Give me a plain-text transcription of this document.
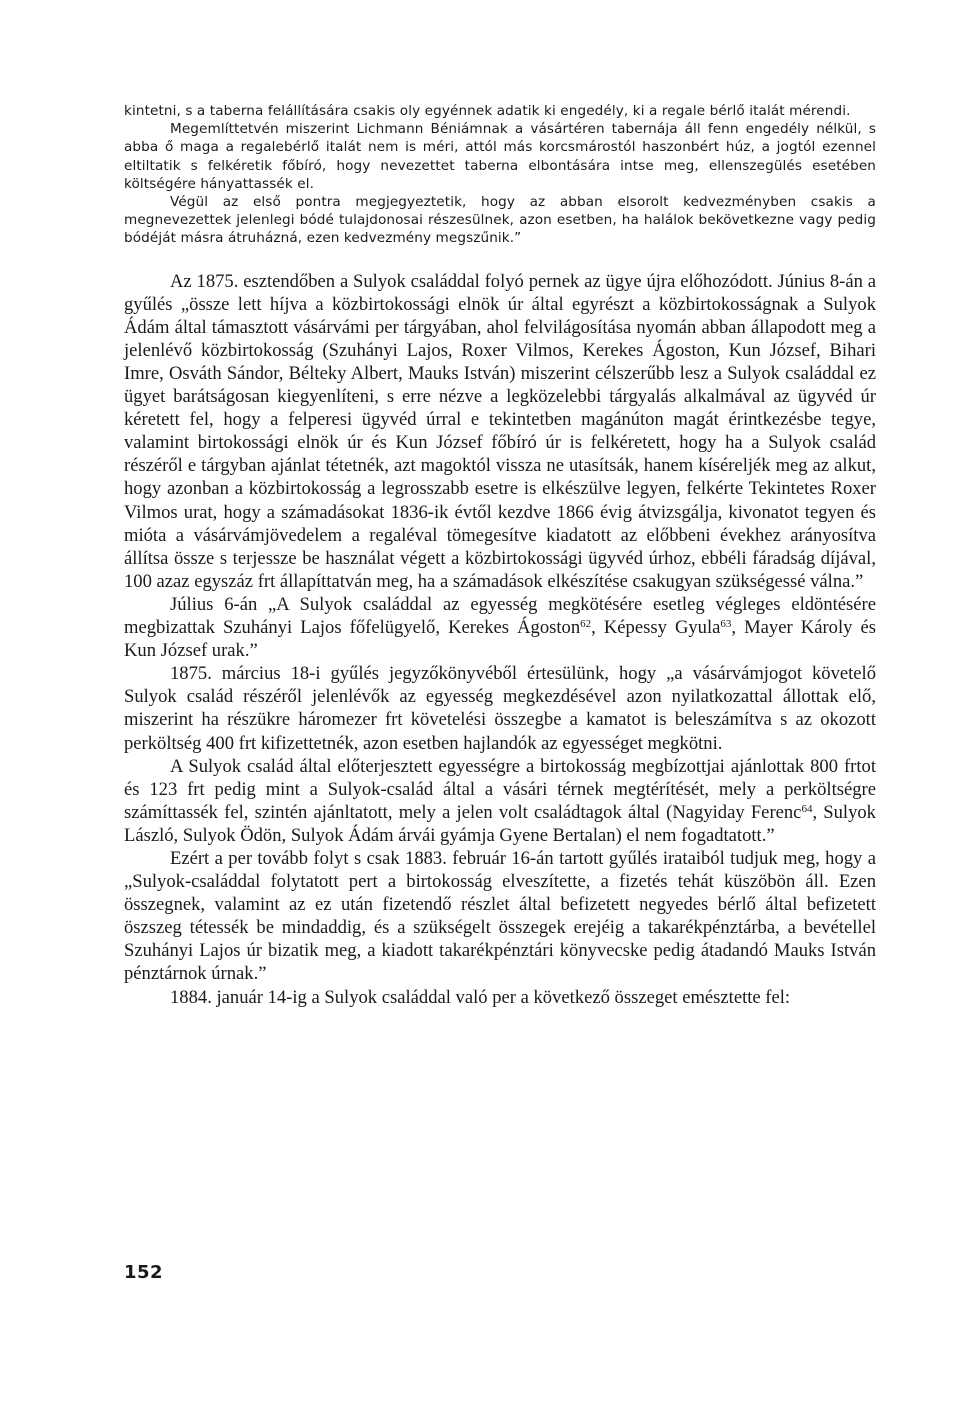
kintetni, s a taberna felállítására csakis oly egyénnek adatik ki engedély, ki a regale bérlő italát mérendi.

Megemlíttetvén miszerint Lichmann Béniámnak a vásártéren tabernája áll fenn engedély nélkül, s abba ő maga a regalebérlő italát nem is méri, attól más korcsmárostól haszonbért húz, a jogtól ezennel eltiltatik s felkéretik főbíró, hogy nevezettet taberna elbontására intse meg, ellenszegülés esetében költségére hányattassék el.

Végül az első pontra megjegyeztetik, hogy az abban elsorolt kedvezményben csakis a megnevezettek jelenlegi bódé tulajdonosai részesülnek, azon esetben, ha halálok bekövetkezne vagy pedig bódéját másra átruházná, ezen kedvezmény megszűnik.”

Az 1875. esztendőben a Sulyok családdal folyó pernek az ügye újra előhozódott. Június 8-án a gyűlés „össze lett híjva a közbirtokossági elnök úr által egyrészt a közbirtokosságnak a Sulyok Ádám által támasztott vásárvámi per tárgyában, ahol felvilágosítása nyomán abban állapodott meg a jelenlévő közbirtokosság (Szuhányi Lajos, Roxer Vilmos, Kerekes Ágoston, Kun József, Bihari Imre, Osváth Sándor, Bélteky Albert, Mauks István) miszerint célszerűbb lesz a Sulyok családdal ez ügyet barátságosan kiegyenlíteni, s erre nézve a legközelebbi tárgyalás alkalmával az ügyvéd úr kéretett fel, hogy a felperesi ügyvéd úrral e tekintetben magánúton magát érintkezésbe tegye, valamint birtokossági elnök úr és Kun József főbíró úr is felkéretett, hogy ha a Sulyok család részéről e tárgyban ajánlat tétetnék, azt magoktól vissza ne utasítsák, hanem kíséreljék meg az alkut, hogy azonban a közbirtokosság a legrosszabb esetre is elkészülve legyen, felkérte Tekintetes Roxer Vilmos urat, hogy a számadásokat 1836-ik évtől kezdve 1866 évig átvizsgálja, kivonatot tegyen és mióta a vásárvámjövedelem a regaléval tömegesítve kiadatott az előbbeni évekhez arányosítva állítsa össze s terjessze be használat végett a közbirtokossági ügyvéd úrhoz, ebbéli fáradság díjával, 100 azaz egyszáz frt állapíttatván meg, ha a számadások elkészítése csakugyan szükségessé válna.”

Július 6-án „A Sulyok családdal az egyesség megkötésére esetleg végleges eldöntésére megbizattak Szuhányi Lajos főfelügyelő, Kerekes Ágoston$^{62}$, Képessy Gyula$^{63}$, Mayer Károly és Kun József urak.”

1875. március 18-i gyűlés jegyzőkönyvéből értesülünk, hogy „a vásárvámjogot követelő Sulyok család részéről jelenlévők az egyesség megkezdésével azon nyilatkozattal állottak elő, miszerint ha részükre háromezer frt követelési összegbe a kamatot is beleszámítva s az okozott perköltség 400 frt kifizettetnék, azon esetben hajlandók az egyességet megkötni.

A Sulyok család által előterjesztett egyességre a birtokosság megbízottjai ajánlottak 800 frtot és 123 frt pedig mint a Sulyok-család által a vásári térnek megtérítését, mely a perköltségre számíttassék fel, szintén ajánltatott, mely a jelen volt családtagok által (Nagyiday Ferenc$^{64}$, Sulyok László, Sulyok Ödön, Sulyok Ádám árvái gyámja Gyene Bertalan) el nem fogadtatott.”

Ezért a per tovább folyt s csak 1883. február 16-án tartott gyűlés irataiból tudjuk meg, hogy a „Sulyok-családdal folytatott pert a birtokosság elveszítette, a fizetés tehát küszöbön áll. Ezen összegnek, valamint az ez után fizetendő részlet által befizetett negyedes bérlő által befizetett öszszeg tétessék be mindaddig, és a szükségelt összegek erejéig a takarékpénztárba, a bevétellel Szuhányi Lajos úr bizatik meg, a kiadott takarékpénztári könyvecske pedig átadandó Mauks István pénztárnok úrnak.”

1884. január 14-ig a Sulyok családdal való per a következő összeget emésztette fel:

152
